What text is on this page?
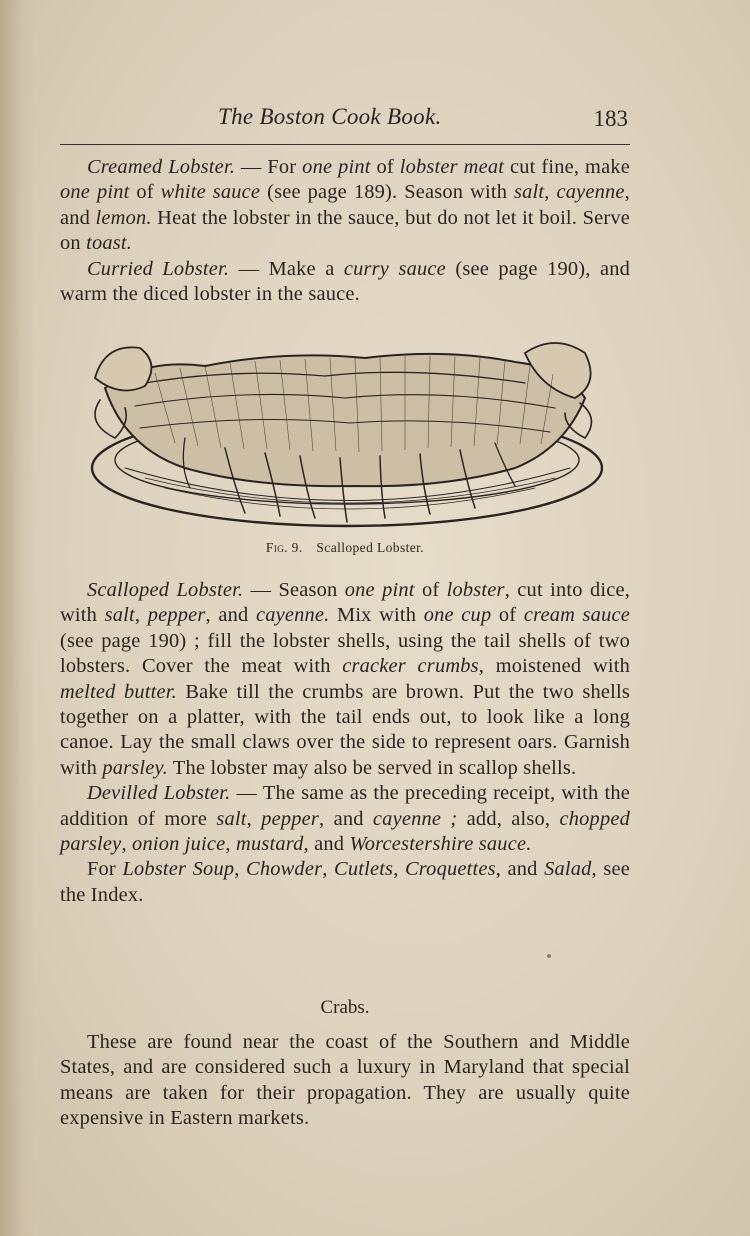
The Boston Cook Book.	183

Creamed Lobster. — For one pint of lobster meat cut fine, make one pint of white sauce (see page 189). Season with salt, cayenne, and lemon. Heat the lobster in the sauce, but do not let it boil. Serve on toast.

Curried Lobster. — Make a curry sauce (see page 190), and warm the diced lobster in the sauce.

Fig. 9. Scalloped Lobster.

Scalloped Lobster. — Season one pint of lobster, cut into dice, with salt, pepper, and cayenne. Mix with one cup of cream sauce (see page 190) ; fill the lobster shells, using the tail shells of two lobsters. Cover the meat with cracker crumbs, moistened with melted butter. Bake till the crumbs are brown. Put the two shells together on a platter, with the tail ends out, to look like a long canoe. Lay the small claws over the side to represent oars. Garnish with parsley. The lobster may also be served in scallop shells.

Devilled Lobster. — The same as the preceding receipt, with the addition of more salt, pepper, and cayenne ; add, also, chopped parsley, onion juice, mustard, and Worcestershire sauce.

For Lobster Soup, Chowder, Cutlets, Croquettes, and Salad, see the Index.

Crabs.

These are found near the coast of the Southern and Middle States, and are considered such a luxury in Maryland that special means are taken for their propagation. They are usually quite expensive in Eastern markets.
